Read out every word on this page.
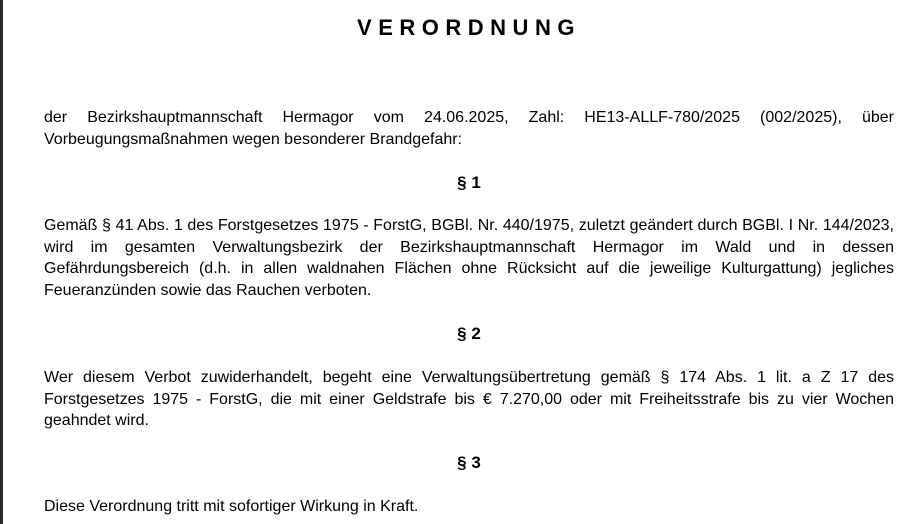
VERORDNUNG
der Bezirkshauptmannschaft Hermagor vom 24.06.2025, Zahl: HE13-ALLF-780/2025 (002/2025), über Vorbeugungsmaßnahmen wegen besonderer Brandgefahr:
§ 1
Gemäß § 41 Abs. 1 des Forstgesetzes 1975 - ForstG, BGBl. Nr. 440/1975, zuletzt geändert durch BGBl. I Nr. 144/2023, wird im gesamten Verwaltungsbezirk der Bezirkshauptmannschaft Hermagor im Wald und in dessen Gefährdungsbereich (d.h. in allen waldnahen Flächen ohne Rücksicht auf die jeweilige Kulturgattung) jegliches Feueranzünden sowie das Rauchen verboten.
§ 2
Wer diesem Verbot zuwiderhandelt, begeht eine Verwaltungsübertretung gemäß § 174 Abs. 1 lit. a Z 17 des Forstgesetzes 1975 - ForstG, die mit einer Geldstrafe bis € 7.270,00 oder mit Freiheitsstrafe bis zu vier Wochen geahndet wird.
§ 3
Diese Verordnung tritt mit sofortiger Wirkung in Kraft.
